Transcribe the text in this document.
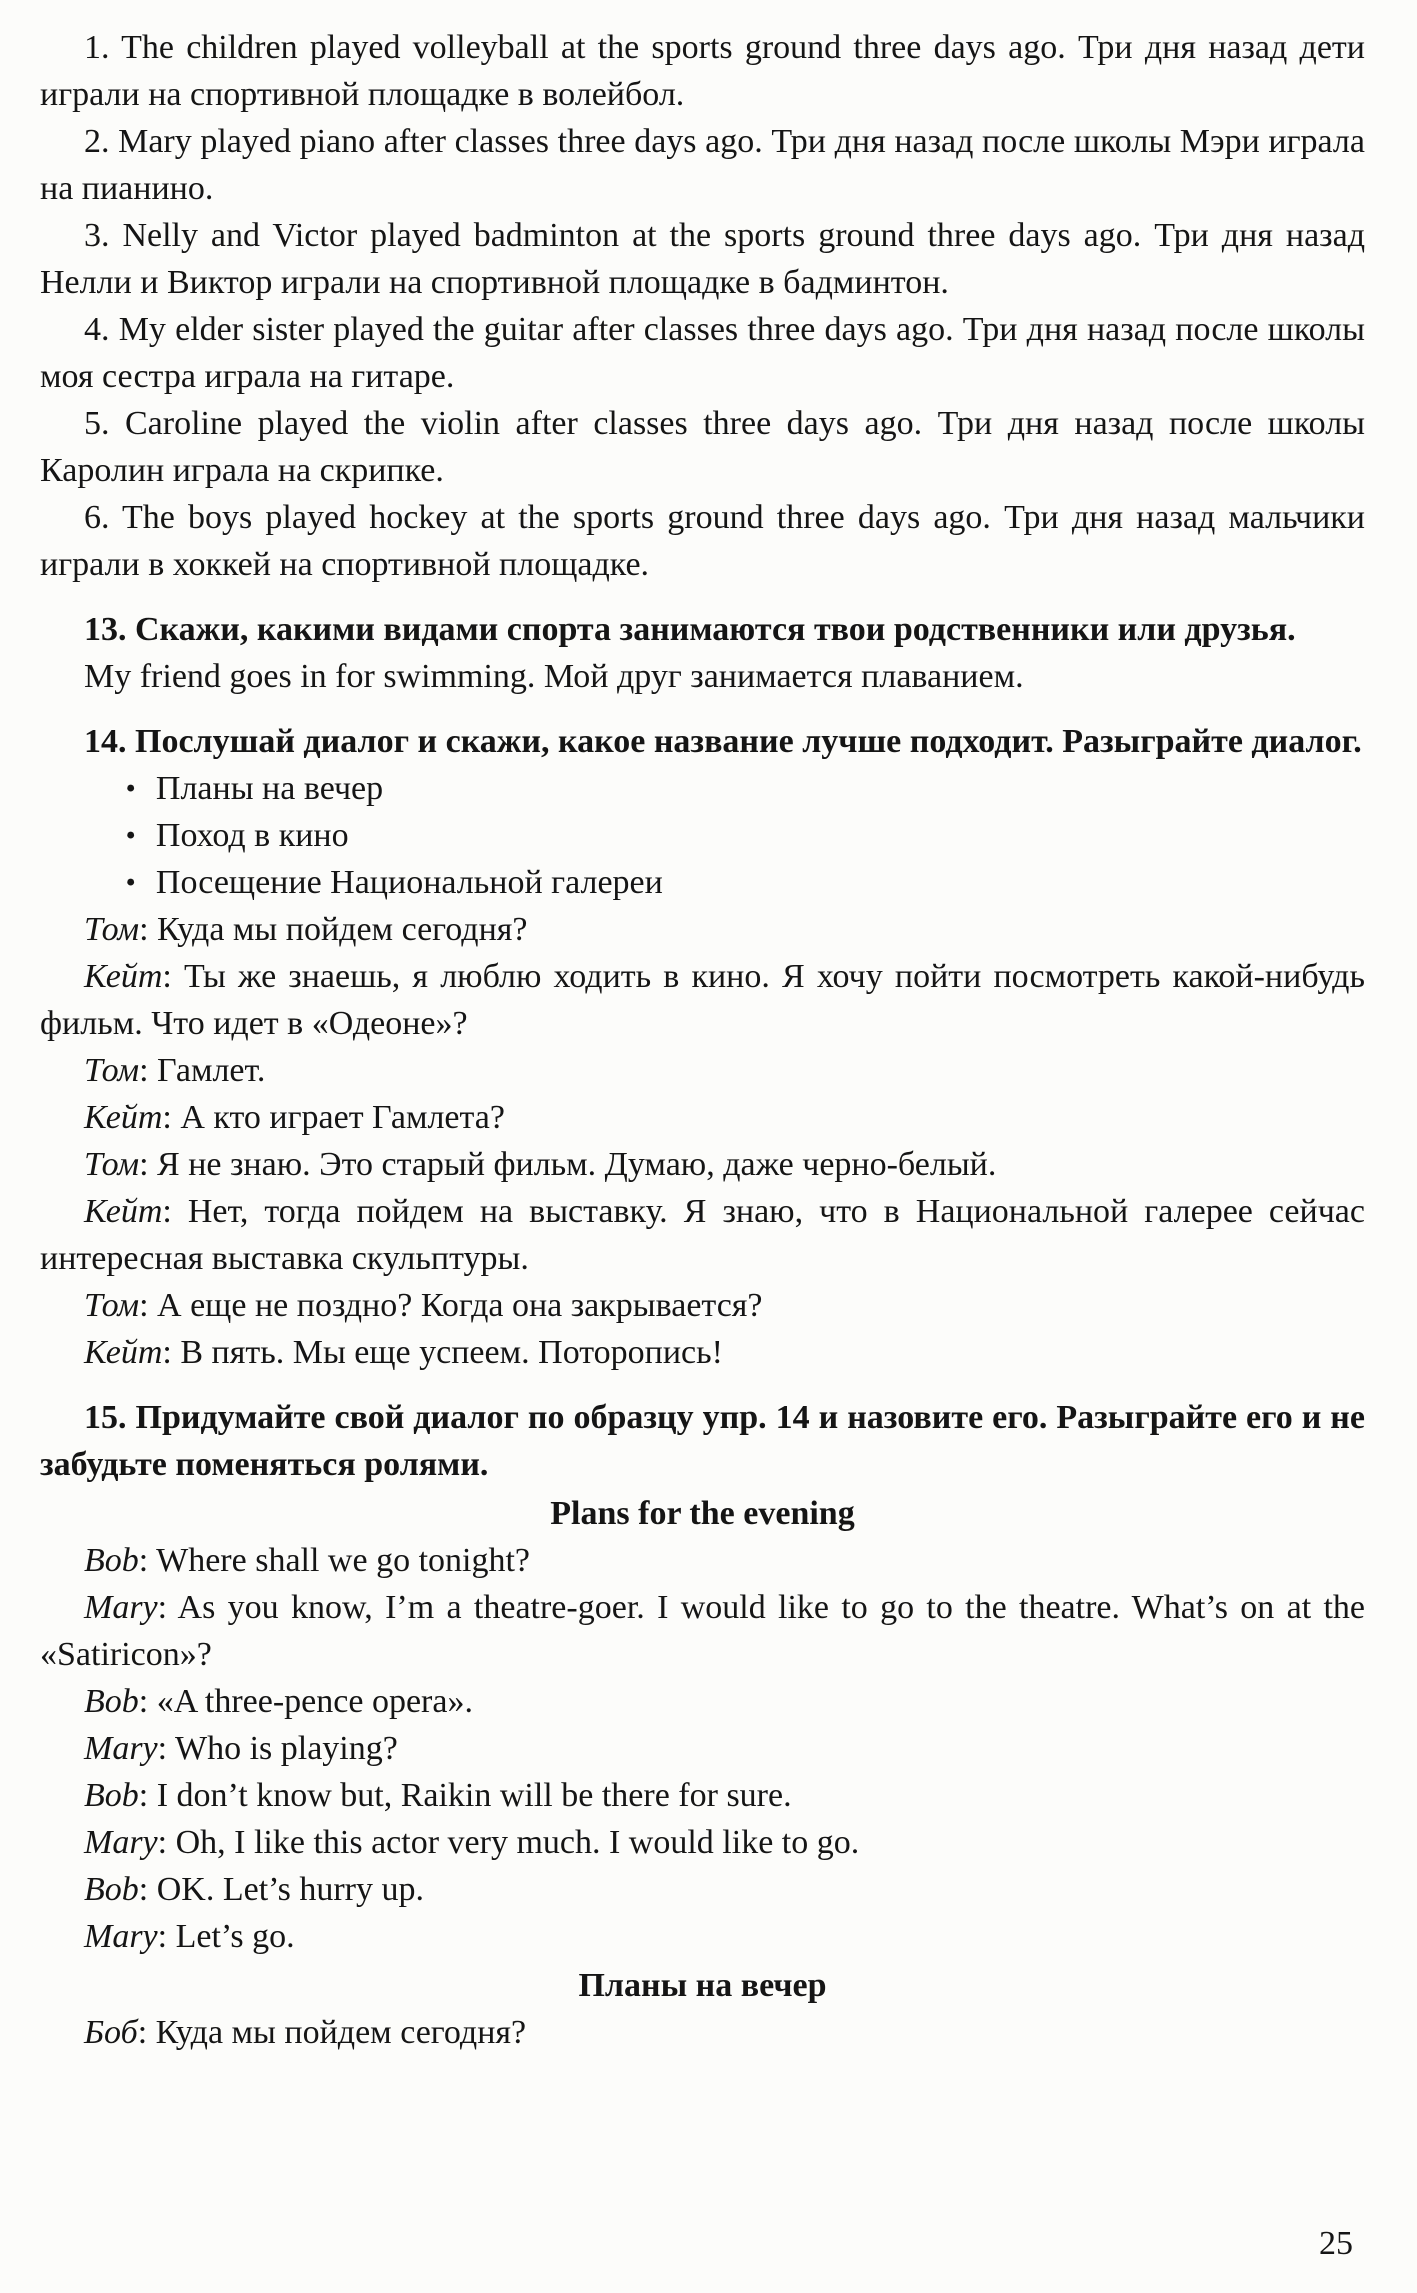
1. The children played volleyball at the sports ground three days ago. Три дня назад дети играли на спортивной площадке в волейбол.

2. Mary played piano after classes three days ago. Три дня назад после школы Мэри играла на пианино.

3. Nelly and Victor played badminton at the sports ground three days ago. Три дня назад Нелли и Виктор играли на спортивной площадке в бадминтон.

4. My elder sister played the guitar after classes three days ago. Три дня назад после школы моя сестра играла на гитаре.

5. Caroline played the violin after classes three days ago. Три дня назад после школы Каролин играла на скрипке.

6. The boys played hockey at the sports ground three days ago. Три дня назад мальчики играли в хоккей на спортивной площадке.

13. Скажи, какими видами спорта занимаются твои родственники или друзья.

My friend goes in for swimming. Мой друг занимается плаванием.

14. Послушай диалог и скажи, какое название лучше подходит. Разыграйте диалог.

• Планы на вечер

• Поход в кино

• Посещение Национальной галереи

Том: Куда мы пойдем сегодня?

Кейт: Ты же знаешь, я люблю ходить в кино. Я хочу пойти посмотреть какой-нибудь фильм. Что идет в «Одеоне»?

Том: Гамлет.

Кейт: А кто играет Гамлета?

Том: Я не знаю. Это старый фильм. Думаю, даже черно-белый.

Кейт: Нет, тогда пойдем на выставку. Я знаю, что в Национальной галерее сейчас интересная выставка скульптуры.

Том: А еще не поздно? Когда она закрывается?

Кейт: В пять. Мы еще успеем. Поторопись!

15. Придумайте свой диалог по образцу упр. 14 и назовите его. Разыграйте его и не забудьте поменяться ролями.

Plans for the evening

Bob: Where shall we go tonight?

Mary: As you know, I’m a theatre-goer. I would like to go to the theatre. What’s on at the «Satiricon»?

Bob: «A three-pence opera».

Mary: Who is playing?

Bob: I don’t know but, Raikin will be there for sure.

Mary: Oh, I like this actor very much. I would like to go.

Bob: OK. Let’s hurry up.

Mary: Let’s go.

Планы на вечер

Боб: Куда мы пойдем сегодня?

25
